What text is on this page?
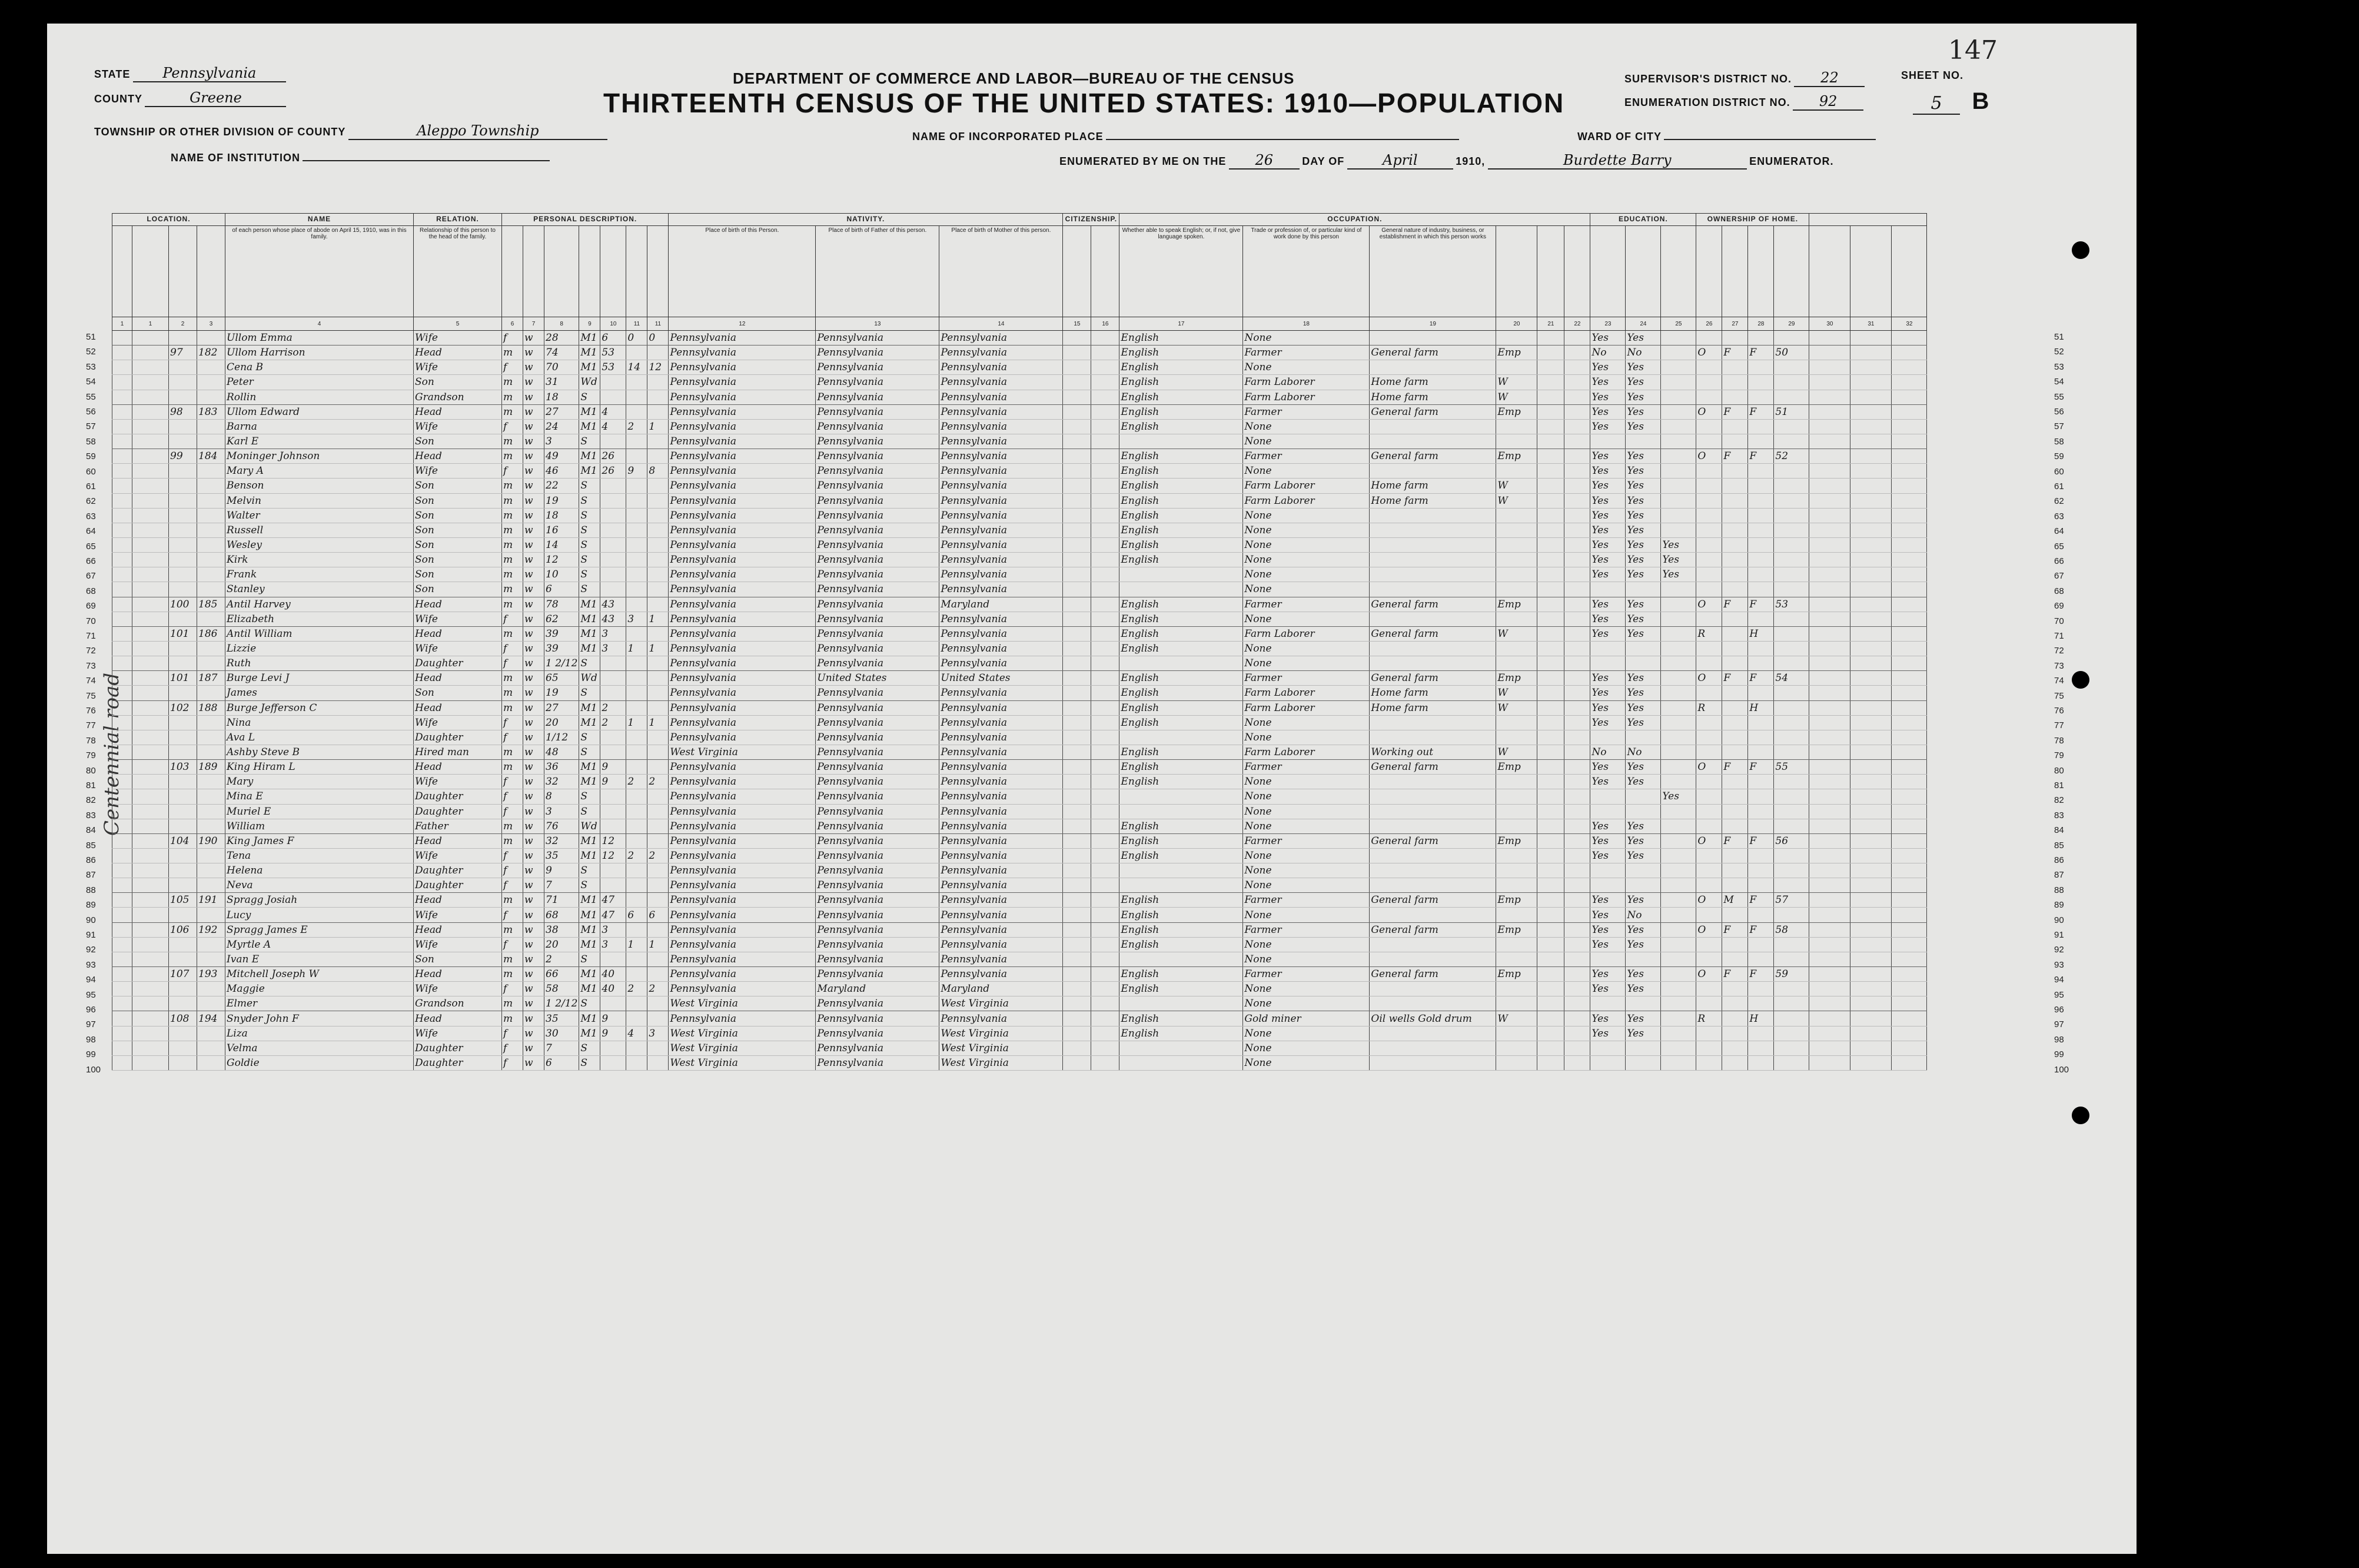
STATE Pennsylvania
COUNTY	Greene
TOWNSHIP OR OTHER DIVISION OF COUNTY	Aleppo Township
NAME OF INSTITUTION
DEPARTMENT OF COMMERCE AND LABOR—BUREAU OF THE CENSUS
THIRTEENTH CENSUS OF THE UNITED STATES: 1910—POPULATION
NAME OF INCORPORATED PLACE	WARD OF CITY
ENUMERATED BY ME ON THE 26	DAY OF	April	1910,	Burdette Barry	ENUMERATOR.
SUPERVISOR'S DISTRICT NO. 22
ENUMERATION DISTRICT NO. 92
SHEET NO.
5 B
147
Centennial road
LOCATION.				NAME	RELATION.	PERSONAL DESCRIPTION.							NATIVITY.			CITIZENSHIP.		OCCUPATION.						EDUCATION.			OWNERSHIP OF HOME.						
				of each person whose place of abode on April 15, 1910, was in this family.	Relationship of this person to the head of the family.								Place of birth of this Person.	Place of birth of Father of this person.	Place of birth of Mother of this person.			Whether able to speak English; or, if not, give language spoken.	Trade or profession of, or particular kind of work done by this person	General nature of industry, business, or establishment in which this person works													
1	1	2	3	4	5	6	7	8	9	10	11	11	12	13	14	15	16	17	18	19	20	21	22	23	24	25	26	27	28	29	30	31	32
				Ullom Emma	Wife	f	w	28	M1	6	0	0	Pennsylvania	Pennsylvania	Pennsylvania			English	None					Yes	Yes								
		97	182	Ullom Harrison	Head	m	w	74	M1	53			Pennsylvania	Pennsylvania	Pennsylvania			English	Farmer	General farm	Emp			No	No		O	F	F	50			
				Cena B	Wife	f	w	70	M1	53	14	12	Pennsylvania	Pennsylvania	Pennsylvania			English	None					Yes	Yes								
				Peter	Son	m	w	31	Wd				Pennsylvania	Pennsylvania	Pennsylvania			English	Farm Laborer	Home farm	W			Yes	Yes								
				Rollin	Grandson	m	w	18	S				Pennsylvania	Pennsylvania	Pennsylvania			English	Farm Laborer	Home farm	W			Yes	Yes								
		98	183	Ullom Edward	Head	m	w	27	M1	4			Pennsylvania	Pennsylvania	Pennsylvania			English	Farmer	General farm	Emp			Yes	Yes		O	F	F	51			
				Barna	Wife	f	w	24	M1	4	2	1	Pennsylvania	Pennsylvania	Pennsylvania			English	None					Yes	Yes								
				Karl E	Son	m	w	3	S				Pennsylvania	Pennsylvania	Pennsylvania				None														
		99	184	Moninger Johnson	Head	m	w	49	M1	26			Pennsylvania	Pennsylvania	Pennsylvania			English	Farmer	General farm	Emp			Yes	Yes		O	F	F	52			
				Mary A	Wife	f	w	46	M1	26	9	8	Pennsylvania	Pennsylvania	Pennsylvania			English	None					Yes	Yes								
				Benson	Son	m	w	22	S				Pennsylvania	Pennsylvania	Pennsylvania			English	Farm Laborer	Home farm	W			Yes	Yes								
				Melvin	Son	m	w	19	S				Pennsylvania	Pennsylvania	Pennsylvania			English	Farm Laborer	Home farm	W			Yes	Yes								
				Walter	Son	m	w	18	S				Pennsylvania	Pennsylvania	Pennsylvania			English	None					Yes	Yes								
				Russell	Son	m	w	16	S				Pennsylvania	Pennsylvania	Pennsylvania			English	None					Yes	Yes								
				Wesley	Son	m	w	14	S				Pennsylvania	Pennsylvania	Pennsylvania			English	None					Yes	Yes	Yes							
				Kirk	Son	m	w	12	S				Pennsylvania	Pennsylvania	Pennsylvania			English	None					Yes	Yes	Yes							
				Frank	Son	m	w	10	S				Pennsylvania	Pennsylvania	Pennsylvania				None					Yes	Yes	Yes							
				Stanley	Son	m	w	6	S				Pennsylvania	Pennsylvania	Pennsylvania				None														
		100	185	Antil Harvey	Head	m	w	78	M1	43			Pennsylvania	Pennsylvania	Maryland			English	Farmer	General farm	Emp			Yes	Yes		O	F	F	53			
				Elizabeth	Wife	f	w	62	M1	43	3	1	Pennsylvania	Pennsylvania	Pennsylvania			English	None					Yes	Yes								
		101	186	Antil William	Head	m	w	39	M1	3			Pennsylvania	Pennsylvania	Pennsylvania			English	Farm Laborer	General farm	W			Yes	Yes		R		H				
				Lizzie	Wife	f	w	39	M1	3	1	1	Pennsylvania	Pennsylvania	Pennsylvania			English	None														
				Ruth	Daughter	f	w	1 2/12	S				Pennsylvania	Pennsylvania	Pennsylvania				None														
		101	187	Burge Levi J	Head	m	w	65	Wd				Pennsylvania	United States	United States			English	Farmer	General farm	Emp			Yes	Yes		O	F	F	54			
				James	Son	m	w	19	S				Pennsylvania	Pennsylvania	Pennsylvania			English	Farm Laborer	Home farm	W			Yes	Yes								
		102	188	Burge Jefferson C	Head	m	w	27	M1	2			Pennsylvania	Pennsylvania	Pennsylvania			English	Farm Laborer	Home farm	W			Yes	Yes		R		H				
				Nina	Wife	f	w	20	M1	2	1	1	Pennsylvania	Pennsylvania	Pennsylvania			English	None					Yes	Yes								
				Ava L	Daughter	f	w	1/12	S				Pennsylvania	Pennsylvania	Pennsylvania				None														
				Ashby Steve B	Hired man	m	w	48	S				West Virginia	Pennsylvania	Pennsylvania			English	Farm Laborer	Working out	W			No	No								
		103	189	King Hiram L	Head	m	w	36	M1	9			Pennsylvania	Pennsylvania	Pennsylvania			English	Farmer	General farm	Emp			Yes	Yes		O	F	F	55			
				Mary	Wife	f	w	32	M1	9	2	2	Pennsylvania	Pennsylvania	Pennsylvania			English	None					Yes	Yes								
				Mina E	Daughter	f	w	8	S				Pennsylvania	Pennsylvania	Pennsylvania				None							Yes							
				Muriel E	Daughter	f	w	3	S				Pennsylvania	Pennsylvania	Pennsylvania				None														
				William	Father	m	w	76	Wd				Pennsylvania	Pennsylvania	Pennsylvania			English	None					Yes	Yes								
		104	190	King James F	Head	m	w	32	M1	12			Pennsylvania	Pennsylvania	Pennsylvania			English	Farmer	General farm	Emp			Yes	Yes		O	F	F	56			
				Tena	Wife	f	w	35	M1	12	2	2	Pennsylvania	Pennsylvania	Pennsylvania			English	None					Yes	Yes								
				Helena	Daughter	f	w	9	S				Pennsylvania	Pennsylvania	Pennsylvania				None														
				Neva	Daughter	f	w	7	S				Pennsylvania	Pennsylvania	Pennsylvania				None														
		105	191	Spragg Josiah	Head	m	w	71	M1	47			Pennsylvania	Pennsylvania	Pennsylvania			English	Farmer	General farm	Emp			Yes	Yes		O	M	F	57			
				Lucy	Wife	f	w	68	M1	47	6	6	Pennsylvania	Pennsylvania	Pennsylvania			English	None					Yes	No								
		106	192	Spragg James E	Head	m	w	38	M1	3			Pennsylvania	Pennsylvania	Pennsylvania			English	Farmer	General farm	Emp			Yes	Yes		O	F	F	58			
				Myrtle A	Wife	f	w	20	M1	3	1	1	Pennsylvania	Pennsylvania	Pennsylvania			English	None					Yes	Yes								
				Ivan E	Son	m	w	2	S				Pennsylvania	Pennsylvania	Pennsylvania				None														
		107	193	Mitchell Joseph W	Head	m	w	66	M1	40			Pennsylvania	Pennsylvania	Pennsylvania			English	Farmer	General farm	Emp			Yes	Yes		O	F	F	59			
				Maggie	Wife	f	w	58	M1	40	2	2	Pennsylvania	Maryland	Maryland			English	None					Yes	Yes								
				Elmer	Grandson	m	w	1 2/12	S				West Virginia	Pennsylvania	West Virginia				None														
		108	194	Snyder John F	Head	m	w	35	M1	9			Pennsylvania	Pennsylvania	Pennsylvania			English	Gold miner	Oil wells Gold drum	W			Yes	Yes		R		H				
				Liza	Wife	f	w	30	M1	9	4	3	West Virginia	Pennsylvania	West Virginia			English	None					Yes	Yes								
				Velma	Daughter	f	w	7	S				West Virginia	Pennsylvania	West Virginia				None														
				Goldie	Daughter	f	w	6	S				West Virginia	Pennsylvania	West Virginia				None														
51	51
52	52
53	53
54	54
55	55
56	56
57	57
58	58
59	59
60	60
61	61
62	62
63	63
64	64
65	65
66	66
67	67
68	68
69	69
70	70
71	71
72	72
73	73
74	74
75	75
76	76
77	77
78	78
79	79
80	80
81	81
82	82
83	83
84	84
85	85
86	86
87	87
88	88
89	89
90	90
91	91
92	92
93	93
94	94
95	95
96	96
97	97
98	98
99	99
100	100
